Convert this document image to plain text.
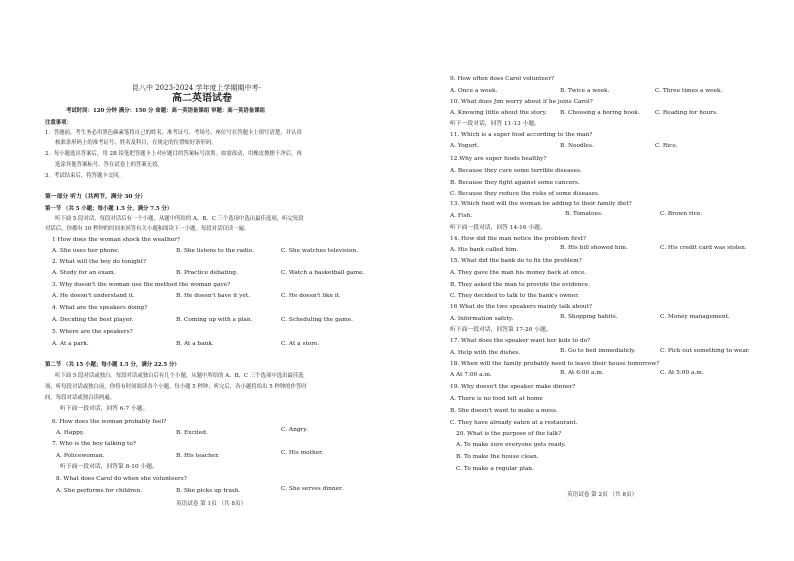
昆八中 2023-2024 学年度上学期期中考-
高二英语试卷
考试时间：120 分钟 满分：150 分 命题：高一英语备课组 审题：高一英语备课组
注意事项：
1．答题前，考生务必用黑色碳素笔将自己的姓名、准考证号、考场号、座位号在答题卡上填写清楚，并认真
核准条形码上的准考证号、姓名及科目，在规定的位置贴好条形码。
2．每小题选出答案后，用 2B 铅笔把答题卡上对应题目的答案标号涂黑。如需改动，用橡皮擦擦干净后，再
选涂其他答案标号。答在试卷上的答案无效。
3．考试结束后，将答题卡交回。
第一部分 听力（共两节，满分 30 分）
第一节 （共 5 小题；每小题 1.5 分，满分 7.5 分）
听下面 5 段对话，每段对话后有一个小题，从题中所给的 A、B、C 三个选项中选出最佳选项，听完每段
对话后，你都有 10 秒钟的时间来回答有关小题和阅读下一小题。每段对话仅读一遍。
1 How does the woman shock the weather?
A. She uses her phone.	B. She listens to the radio.	C. She watches television.
2. What will the boy do tonight?
A. Study for an exam.	B. Practice debating.	C. Watch a basketball game.
3. Why doesn't the woman use the method the woman gave?
A. He doesn't understand it.	B. He doesn't have it yet.	C. He doesn't like it.
4. What are the speakers doing?
A. Deciding the best player.	B. Coming up with a plan.	C. Scheduling the game.
5. Where are the speakers?
A. At a park.	B. At a bank.	C. At a store.
第二节 （共 15 小题；每小题 1.5 分，满分 22.5 分）
听下面 5 段对话或独白。每段对话或独白后有几个小题，从题中所给的 A、B、C 三个选项中选出最佳选
项，听每段对话或独白前，你将有时间阅读各个小题，每小题 5 秒钟；听完后，各小题将给出 5 秒钟的作答时
间。每段对话或独白读两遍。
听下面一段对话，回答 6-7 小题。
6. How does the woman probably feel?
A. Happy.	B. Excited.	C. Angry.
7. Who is the boy talking to?
A. Policewoman.	B. His teacher.	C. His mother.
听下面一段对话，回答第 8-10 小题。
8. What does Carol do when she volunteers?
A. She performs for children.	B. She picks up trash.	C. She serves dinner.
英语试卷 第 1页 （共 8页）
9. How often does Carol volunteer?
A. Once a week.	B. Twice a week.	C. Three times a week.
10. What does Jim worry about if he joins Carol?
A. Knowing little about the story. B. Choosing a boring book.	C. Reading for hours.
听下一段对话，回答 11-13 小题。
11. Which is a super food according to the man?
A. Yogurt.	B. Noodles.	C. Rice.
12.Why are super foods healthy?
A. Because they cure some terrible diseases.
B. Because they fight against some cancers.
C. Because they reduce the risks of some diseases.
13. Which food will the woman be adding to their family diet?
A. Fish.	B. Tomatoes.	C. Brown rice.
听下面一段对话，回答 14-16 小题。
14. How did the man notice the problem first?
A. His bank called him.	B. His bill showed him.	C. His credit card was stolen.
15. What did the bank do to fix the problem?
A. They gave the man his money back at once.
B. They asked the man to provide the evidence.
C. They decided to talk to the bank's owner.
16 What do the two speakers mainly talk about?
A. Information safety.	B. Shopping habits.	C. Money management.
听下面一段对话，回答第 17-20 小题。
17. What does the speaker want her kids to do?
A. Help with the dishes.	B. Go to bed immediately.	C. Pick out something to wear.
18. When will the family probably need to leave their house tomorrow?
A At 7:00 a.m.	B. At 6:00 a.m.	C. At 5:00 a.m.
19. Why doesn't the speaker make dinner?
A. There is no food left at home
B. She doesn't want to make a mess.
C. They have already eaten at a restaurant.
20. What is the purpose of the talk?
A. To make sure everyone gets ready.
B. To make the house clean.
C. To make a regular plan.
英语试卷 第 2页 （共 8页）
